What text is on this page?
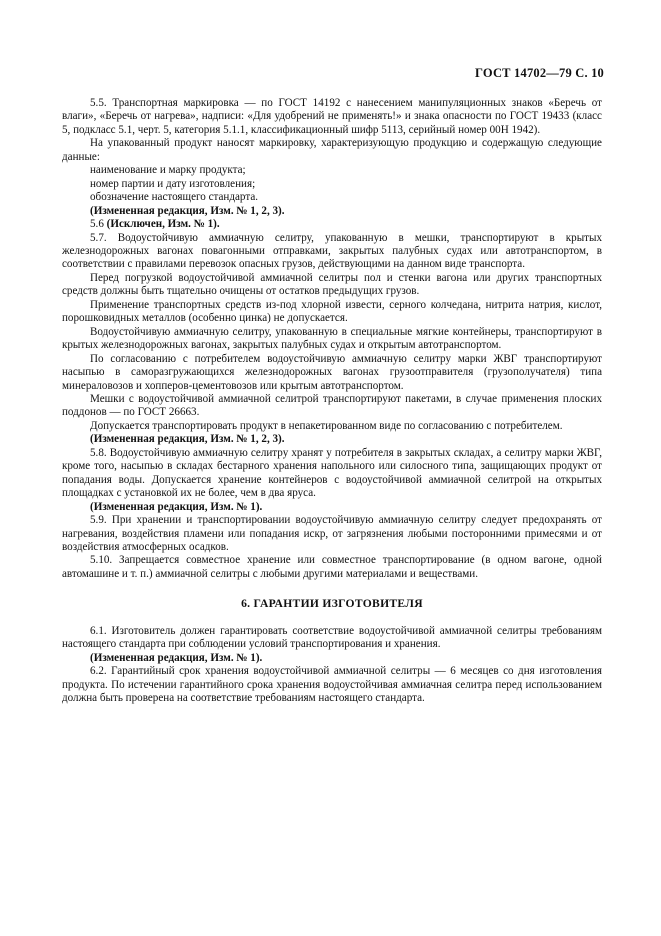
ГОСТ 14702—79 С. 10

5.5. Транспортная маркировка — по ГОСТ 14192 с нанесением манипуляционных знаков «Беречь от влаги», «Беречь от нагрева», надписи: «Для удобрений не применять!» и знака опасности по ГОСТ 19433 (класс 5, подкласс 5.1, черт. 5, категория 5.1.1, классификационный шифр 5113, серийный номер 00Н 1942).

На упакованный продукт наносят маркировку, характеризующую продукцию и содержащую следующие данные:

наименование и марку продукта;

номер партии и дату изготовления;

обозначение настоящего стандарта.

(Измененная редакция, Изм. № 1, 2, 3).

5.6 (Исключен, Изм. № 1).

5.7. Водоустойчивую аммиачную селитру, упакованную в мешки, транспортируют в крытых железнодорожных вагонах повагонными отправками, закрытых палубных судах или автотранспортом, в соответствии с правилами перевозок опасных грузов, действующими на данном виде транспорта.

Перед погрузкой водоустойчивой аммиачной селитры пол и стенки вагона или других транспортных средств должны быть тщательно очищены от остатков предыдущих грузов.

Применение транспортных средств из-под хлорной извести, серного колчедана, нитрита натрия, кислот, порошковидных металлов (особенно цинка) не допускается.

Водоустойчивую аммиачную селитру, упакованную в специальные мягкие контейнеры, транспортируют в крытых железнодорожных вагонах, закрытых палубных судах и открытым автотранспортом.

По согласованию с потребителем водоустойчивую аммиачную селитру марки ЖВГ транспортируют насыпью в саморазгружающихся железнодорожных вагонах грузоотправителя (грузополучателя) типа минераловозов и хопперов-цементовозов или крытым автотранспортом.

Мешки с водоустойчивой аммиачной селитрой транспортируют пакетами, в случае применения плоских поддонов — по ГОСТ 26663.

Допускается транспортировать продукт в непакетированном виде по согласованию с потребителем.

(Измененная редакция, Изм. № 1, 2, 3).

5.8. Водоустойчивую аммиачную селитру хранят у потребителя в закрытых складах, а селитру марки ЖВГ, кроме того, насыпью в складах бестарного хранения напольного или силосного типа, защищающих продукт от попадания воды. Допускается хранение контейнеров с водоустойчивой аммиачной селитрой на открытых площадках с установкой их не более, чем в два яруса.

(Измененная редакция, Изм. № 1).

5.9. При хранении и транспортировании водоустойчивую аммиачную селитру следует предохранять от нагревания, воздействия пламени или попадания искр, от загрязнения любыми посторонними примесями и от воздействия атмосферных осадков.

5.10. Запрещается совместное хранение или совместное транспортирование (в одном вагоне, одной автомашине и т. п.) аммиачной селитры с любыми другими материалами и веществами.

6. ГАРАНТИИ ИЗГОТОВИТЕЛЯ

6.1. Изготовитель должен гарантировать соответствие водоустойчивой аммиачной селитры требованиям настоящего стандарта при соблюдении условий транспортирования и хранения.

(Измененная редакция, Изм. № 1).

6.2. Гарантийный срок хранения водоустойчивой аммиачной селитры — 6 месяцев со дня изготовления продукта. По истечении гарантийного срока хранения водоустойчивая аммиачная селитра перед использованием должна быть проверена на соответствие требованиям настоящего стандарта.
